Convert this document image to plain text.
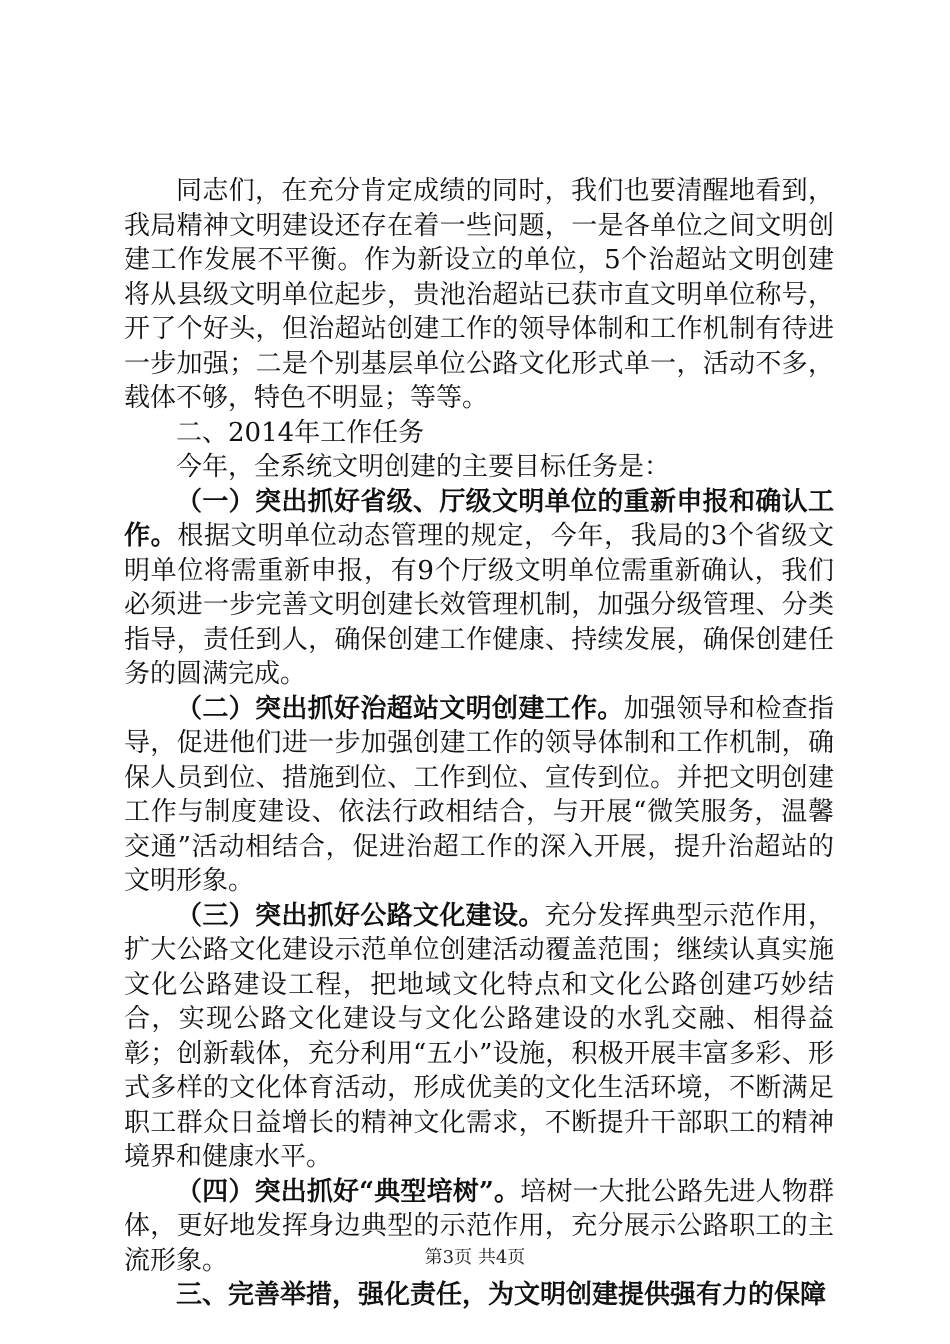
同志们，在充分肯定成绩的同时，我们也要清醒地看到，我局精神文明建设还存在着一些问题，一是各单位之间文明创建工作发展不平衡。作为新设立的单位，5个治超站文明创建将从县级文明单位起步，贵池治超站已获市直文明单位称号，开了个好头，但治超站创建工作的领导体制和工作机制有待进一步加强；二是个别基层单位公路文化形式单一，活动不多，载体不够，特色不明显；等等。

二、2014年工作任务

今年，全系统文明创建的主要目标任务是：

（一）突出抓好省级、厅级文明单位的重新申报和确认工作。根据文明单位动态管理的规定，今年，我局的3个省级文明单位将需重新申报，有9个厅级文明单位需重新确认，我们必须进一步完善文明创建长效管理机制，加强分级管理、分类指导，责任到人，确保创建工作健康、持续发展，确保创建任务的圆满完成。

（二）突出抓好治超站文明创建工作。加强领导和检查指导，促进他们进一步加强创建工作的领导体制和工作机制，确保人员到位、措施到位、工作到位、宣传到位。并把文明创建工作与制度建设、依法行政相结合，与开展“微笑服务，温馨交通”活动相结合，促进治超工作的深入开展，提升治超站的文明形象。

（三）突出抓好公路文化建设。充分发挥典型示范作用，扩大公路文化建设示范单位创建活动覆盖范围；继续认真实施文化公路建设工程，把地域文化特点和文化公路创建巧妙结合，实现公路文化建设与文化公路建设的水乳交融、相得益彰；创新载体，充分利用“五小”设施，积极开展丰富多彩、形式多样的文化体育活动，形成优美的文化生活环境，不断满足职工群众日益增长的精神文化需求，不断提升干部职工的精神境界和健康水平。

（四）突出抓好“典型培树”。培树一大批公路先进人物群体，更好地发挥身边典型的示范作用，充分展示公路职工的主流形象。

三、完善举措，强化责任，为文明创建提供强有力的保障

第3页 共4页
